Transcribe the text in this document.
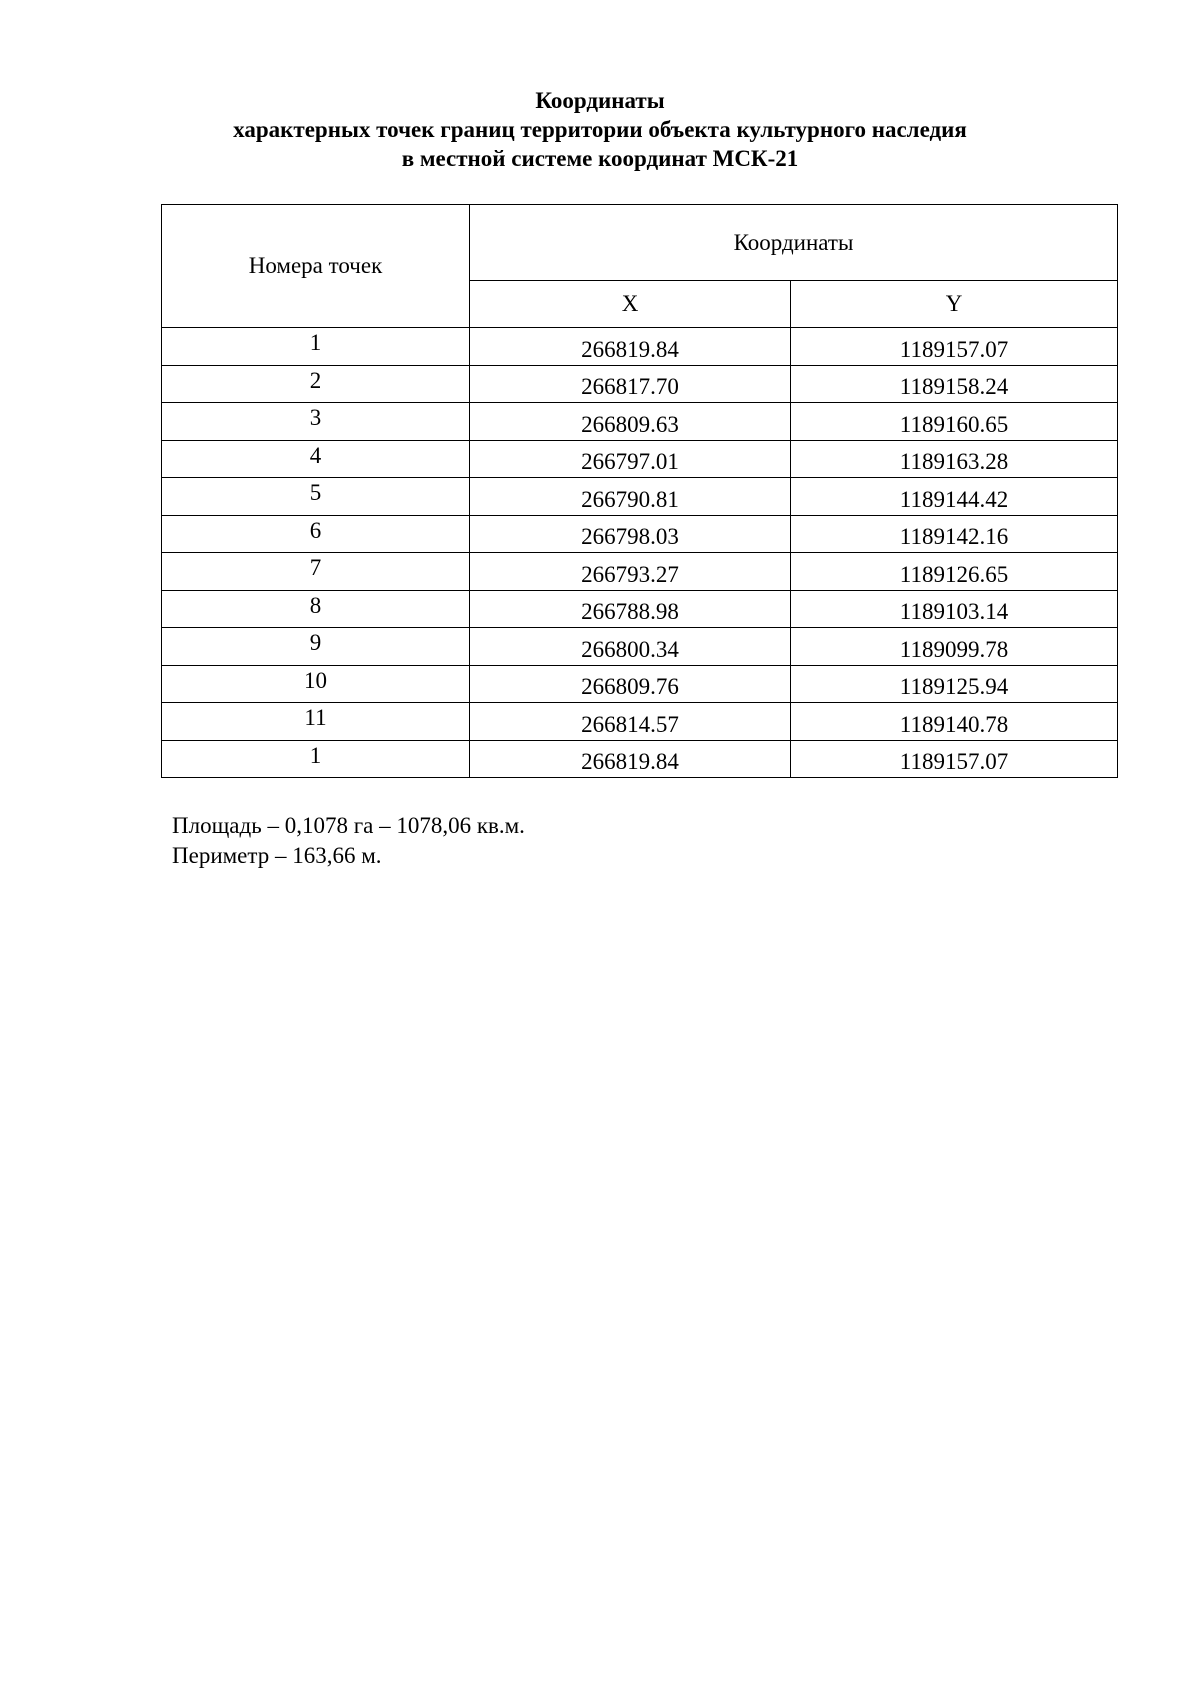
Координаты
характерных точек границ территории объекта культурного наследия
в местной системе координат МСК-21
Номера точек	Координаты	
	X	Y
1	266819.84	1189157.07
2	266817.70	1189158.24
3	266809.63	1189160.65
4	266797.01	1189163.28
5	266790.81	1189144.42
6	266798.03	1189142.16
7	266793.27	1189126.65
8	266788.98	1189103.14
9	266800.34	1189099.78
10	266809.76	1189125.94
11	266814.57	1189140.78
1	266819.84	1189157.07
Площадь – 0,1078 га – 1078,06 кв.м.
Периметр – 163,66 м.
